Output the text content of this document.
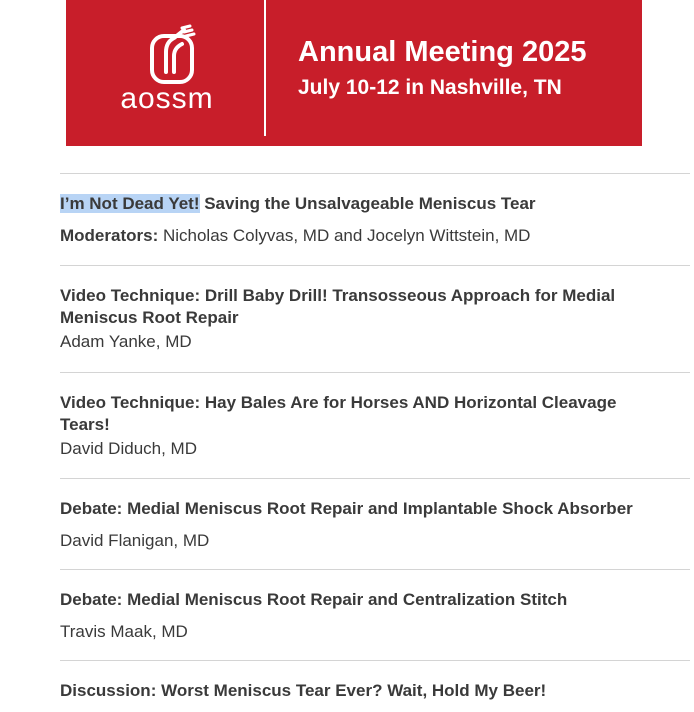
aossm
Annual Meeting 2025
July 10-12 in Nashville, TN
I’m Not Dead Yet! Saving the Unsalvageable Meniscus Tear
Moderators: Nicholas Colyvas, MD and Jocelyn Wittstein, MD
Video Technique: Drill Baby Drill! Transosseous Approach for Medial
Meniscus Root Repair
Adam Yanke, MD
Video Technique: Hay Bales Are for Horses AND Horizontal Cleavage
Tears!
David Diduch, MD
Debate: Medial Meniscus Root Repair and Implantable Shock Absorber
David Flanigan, MD
Debate: Medial Meniscus Root Repair and Centralization Stitch
Travis Maak, MD
Discussion: Worst Meniscus Tear Ever? Wait, Hold My Beer!
